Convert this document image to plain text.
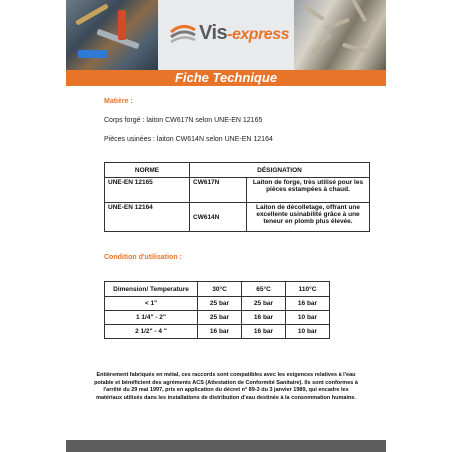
Vis-express
Fiche Technique
Matière :
Corps forgé : laiton CW617N selon UNE-EN 12165
Pièces usinées : laiton CW614N selon UNE-EN 12164
NORME	DÉSIGNATION	
UNE-EN 12165	CW617N	Laiton de forge, très utilisé pour les pièces estampées à chaud.
UNE-EN 12164	CW614N	Laiton de décolletage, offrant une excellente usinabilité grâce à une teneur en plomb plus élevée.
Condition d'utilisation :
Dimension/ Temperature	30°C	65°C	110°C
< 1"	25 bar	25 bar	16 bar
1 1/4" - 2"	25 bar	16 bar	10 bar
2 1/2" - 4 "	16 bar	16 bar	10 bar
Entièrement fabriqués en métal, ces raccords sont compatibles avec les exigences relatives à l'eau potable et bénéficient des agréments ACS (Attestation de Conformité Sanitaire). Ils sont conformes à l'arrêté du 29 mai 1997, pris en application du décret n° 89-3 du 3 janvier 1989, qui encadre les matériaux utilisés dans les installations de distribution d'eau destinée à la consommation humaine.
